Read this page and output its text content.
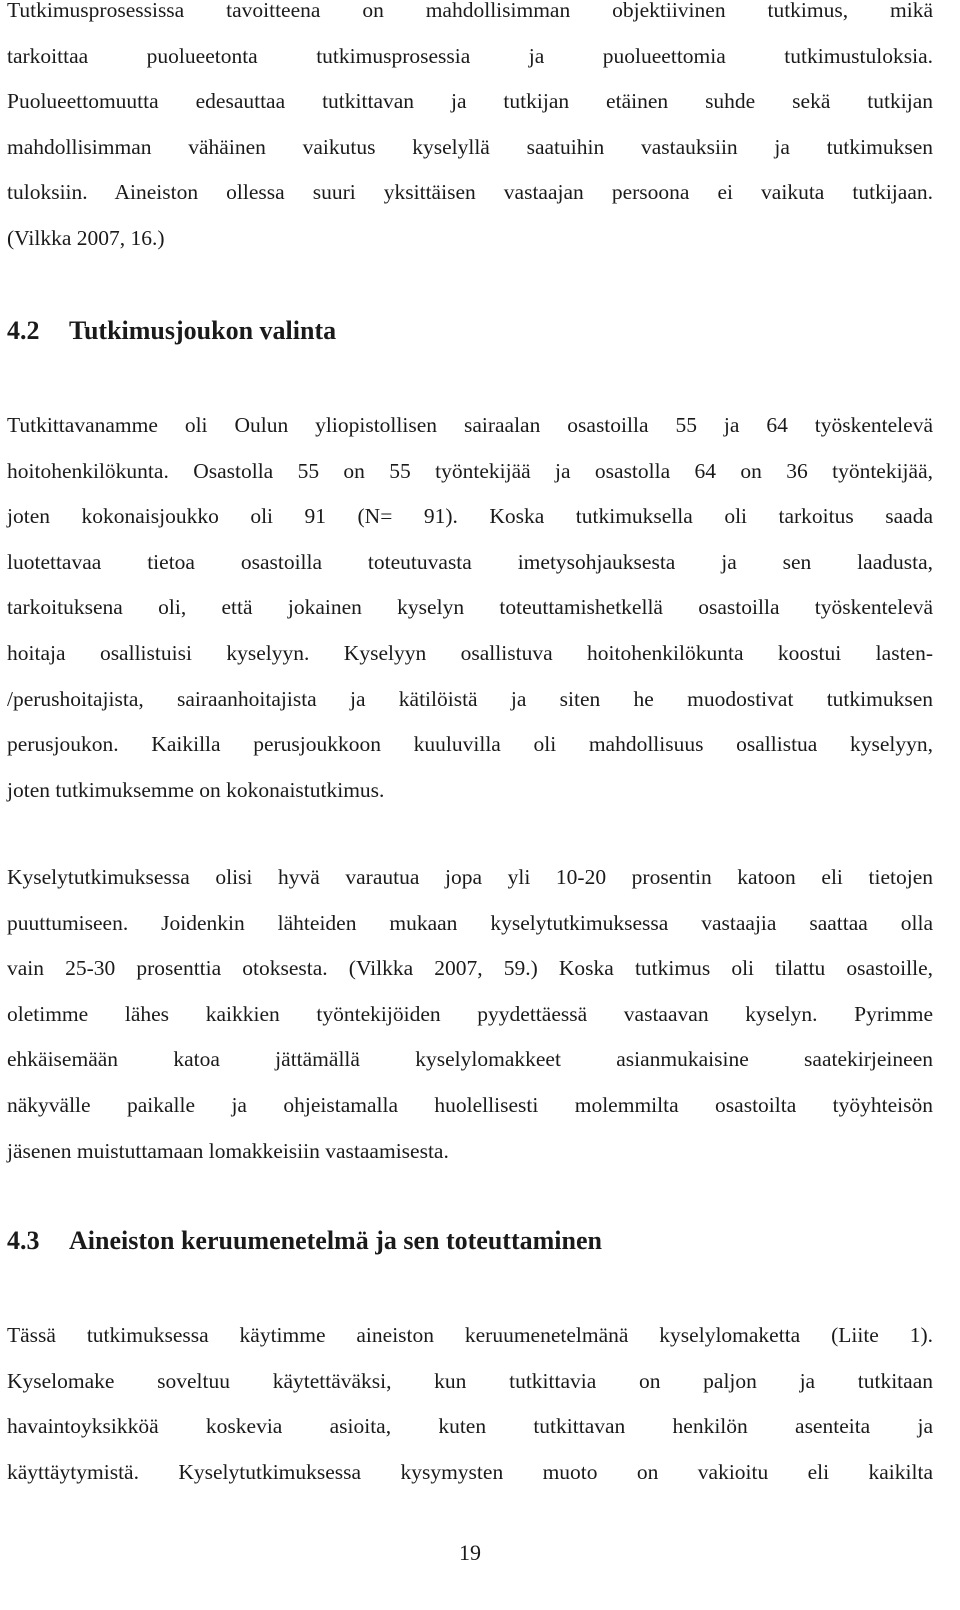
Tutkimusprosessissa tavoitteena on mahdollisimman objektiivinen tutkimus, mikä
tarkoittaa puolueetonta tutkimusprosessia ja puolueettomia tutkimustuloksia.
Puolueettomuutta edesauttaa tutkittavan ja tutkijan etäinen suhde sekä tutkijan
mahdollisimman vähäinen vaikutus kyselyllä saatuihin vastauksiin ja tutkimuksen
tuloksiin. Aineiston ollessa suuri yksittäisen vastaajan persoona ei vaikuta tutkijaan.
(Vilkka 2007, 16.)
4.2 Tutkimusjoukon valinta
Tutkittavanamme oli Oulun yliopistollisen sairaalan osastoilla 55 ja 64 työskentelevä
hoitohenkilökunta. Osastolla 55 on 55 työntekijää ja osastolla 64 on 36 työntekijää,
joten kokonaisjoukko oli 91 (N= 91). Koska tutkimuksella oli tarkoitus saada
luotettavaa tietoa osastoilla toteutuvasta imetysohjauksesta ja sen laadusta,
tarkoituksena oli, että jokainen kyselyn toteuttamishetkellä osastoilla työskentelevä
hoitaja osallistuisi kyselyyn. Kyselyyn osallistuva hoitohenkilökunta koostui lasten-
/perushoitajista, sairaanhoitajista ja kätilöistä ja siten he muodostivat tutkimuksen
perusjoukon. Kaikilla perusjoukkoon kuuluvilla oli mahdollisuus osallistua kyselyyn,
joten tutkimuksemme on kokonaistutkimus.
Kyselytutkimuksessa olisi hyvä varautua jopa yli 10-20 prosentin katoon eli tietojen
puuttumiseen. Joidenkin lähteiden mukaan kyselytutkimuksessa vastaajia saattaa olla
vain 25-30 prosenttia otoksesta. (Vilkka 2007, 59.) Koska tutkimus oli tilattu osastoille,
oletimme lähes kaikkien työntekijöiden pyydettäessä vastaavan kyselyn. Pyrimme
ehkäisemään katoa jättämällä kyselylomakkeet asianmukaisine saatekirjeineen
näkyvälle paikalle ja ohjeistamalla huolellisesti molemmilta osastoilta työyhteisön
jäsenen muistuttamaan lomakkeisiin vastaamisesta.
4.3 Aineiston keruumenetelmä ja sen toteuttaminen
Tässä tutkimuksessa käytimme aineiston keruumenetelmänä kyselylomaketta (Liite 1).
Kyselomake soveltuu käytettäväksi, kun tutkittavia on paljon ja tutkitaan
havaintoyksikköä koskevia asioita, kuten tutkittavan henkilön asenteita ja
käyttäytymistä. Kyselytutkimuksessa kysymysten muoto on vakioitu eli kaikilta
19
